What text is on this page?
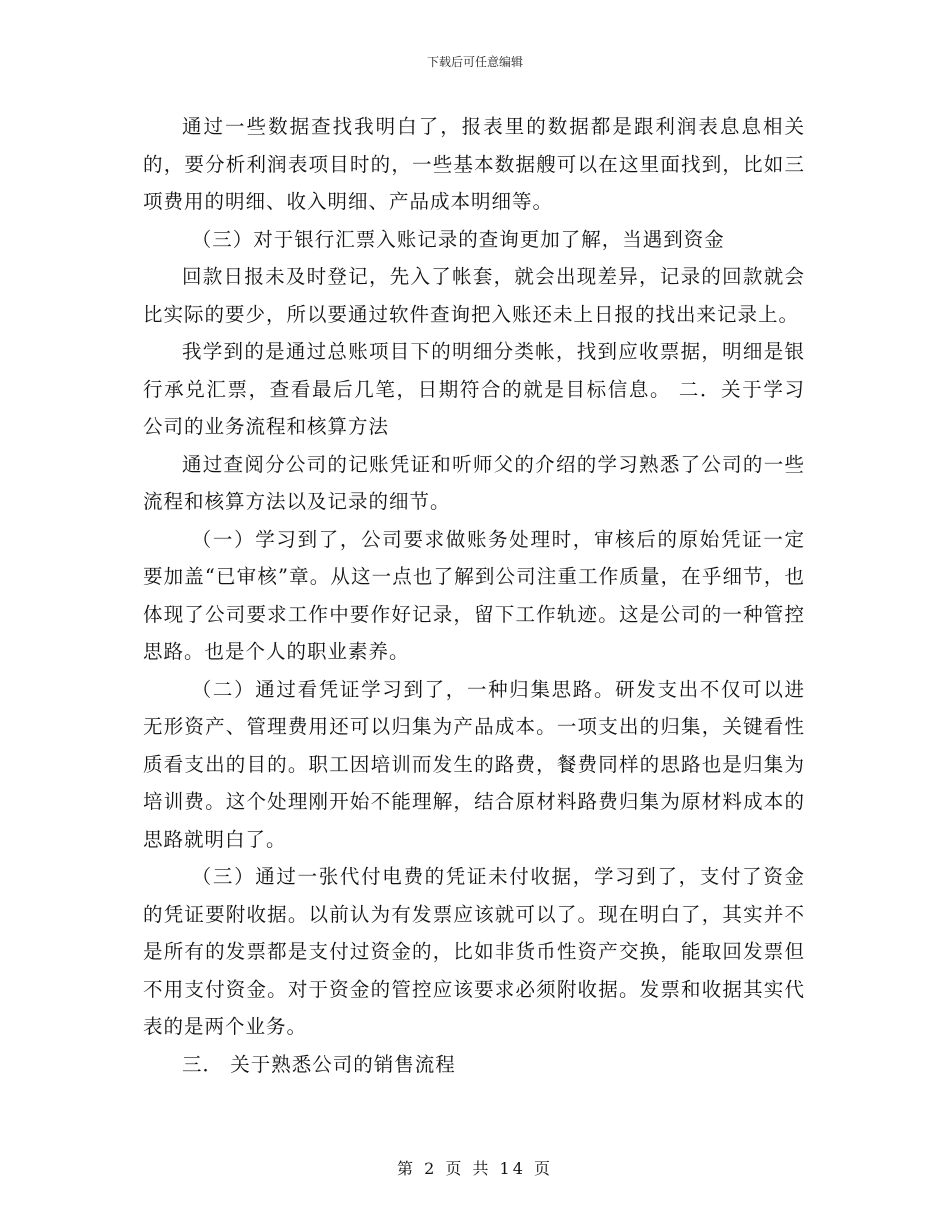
下载后可任意编辑

通过一些数据查找我明白了，报表里的数据都是跟利润表息息相关的，要分析利润表项目时的，一些基本数据艘可以在这里面找到，比如三项费用的明细、收入明细、产品成本明细等。

（三）对于银行汇票入账记录的查询更加了解，当遇到资金

回款日报未及时登记，先入了帐套，就会出现差异，记录的回款就会比实际的要少，所以要通过软件查询把入账还未上日报的找出来记录上。

我学到的是通过总账项目下的明细分类帐，找到应收票据，明细是银行承兑汇票，查看最后几笔，日期符合的就是目标信息。 二．关于学习公司的业务流程和核算方法

通过查阅分公司的记账凭证和听师父的介绍的学习熟悉了公司的一些流程和核算方法以及记录的细节。

（一）学习到了，公司要求做账务处理时，审核后的原始凭证一定要加盖“已审核”章。从这一点也了解到公司注重工作质量，在乎细节，也体现了公司要求工作中要作好记录，留下工作轨迹。这是公司的一种管控思路。也是个人的职业素养。

（二）通过看凭证学习到了，一种归集思路。研发支出不仅可以进无形资产、管理费用还可以归集为产品成本。一项支出的归集，关键看性质看支出的目的。职工因培训而发生的路费，餐费同样的思路也是归集为培训费。这个处理刚开始不能理解，结合原材料路费归集为原材料成本的思路就明白了。

（三）通过一张代付电费的凭证未付收据，学习到了，支付了资金的凭证要附收据。以前认为有发票应该就可以了。现在明白了，其实并不是所有的发票都是支付过资金的，比如非货币性资产交换，能取回发票但不用支付资金。对于资金的管控应该要求必须附收据。发票和收据其实代表的是两个业务。

三． 关于熟悉公司的销售流程

第 2 页 共 14 页
